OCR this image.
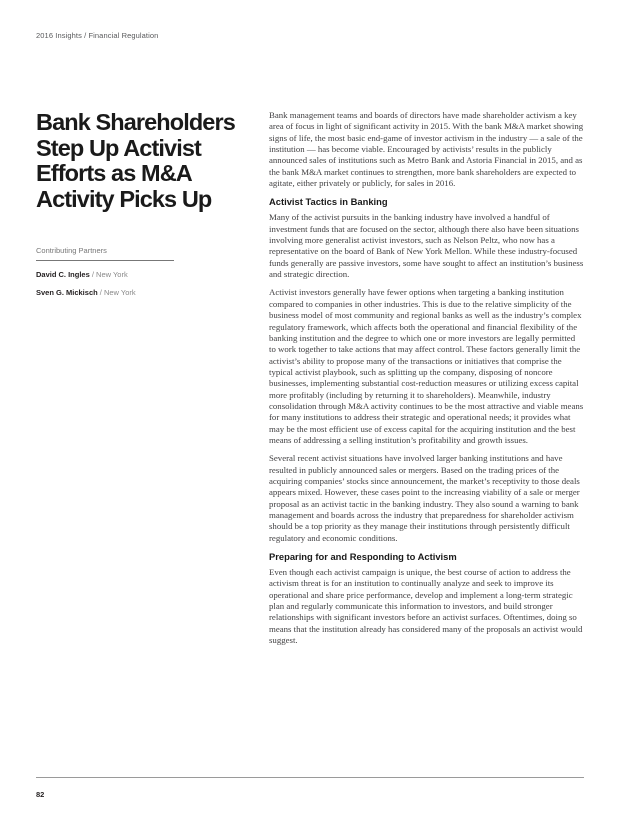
2016 Insights / Financial Regulation
Bank Shareholders Step Up Activist Efforts as M&A Activity Picks Up
Contributing Partners
David C. Ingles / New York
Sven G. Mickisch / New York

Bank management teams and boards of directors have made shareholder activism a key area of focus in light of significant activity in 2015. With the bank M&A market showing signs of life, the most basic end-game of investor activism in the industry — a sale of the institution — has become viable. Encouraged by activists’ results in the publicly announced sales of institutions such as Metro Bank and Astoria Financial in 2015, and as the bank M&A market continues to strengthen, more bank shareholders are expected to agitate, either privately or publicly, for sales in 2016.

Activist Tactics in Banking

Many of the activist pursuits in the banking industry have involved a handful of investment funds that are focused on the sector, although there also have been situations involving more generalist activist investors, such as Nelson Peltz, who now has a representative on the board of Bank of New York Mellon. While these industry-focused funds generally are passive investors, some have sought to affect an institution’s business and strategic direction.

Activist investors generally have fewer options when targeting a banking institution compared to companies in other industries. This is due to the relative simplicity of the business model of most community and regional banks as well as the industry’s complex regulatory framework, which affects both the operational and financial flexibility of the banking institution and the degree to which one or more investors are legally permitted to work together to take actions that may affect control. These factors generally limit the activist’s ability to propose many of the transactions or initiatives that comprise the typical activist playbook, such as splitting up the company, disposing of noncore businesses, implementing substantial cost-reduction measures or utilizing excess capital more profitably (including by returning it to shareholders). Meanwhile, industry consolidation through M&A activity continues to be the most attractive and viable means for many institutions to address their strategic and operational needs; it provides what may be the most efficient use of excess capital for the acquiring institution and the best means of addressing a selling institution’s profitability and growth issues.

Several recent activist situations have involved larger banking institutions and have resulted in publicly announced sales or mergers. Based on the trading prices of the acquiring companies’ stocks since announcement, the market’s receptivity to those deals appears mixed. However, these cases point to the increasing viability of a sale or merger proposal as an activist tactic in the banking industry. They also sound a warning to bank management and boards across the industry that preparedness for shareholder activism should be a top priority as they manage their institutions through persistently difficult regulatory and economic conditions.

Preparing for and Responding to Activism

Even though each activist campaign is unique, the best course of action to address the activism threat is for an institution to continually analyze and seek to improve its operational and share price performance, develop and implement a long-term strategic plan and regularly communicate this information to investors, and build stronger relationships with significant investors before an activist surfaces. Oftentimes, doing so means that the institution already has considered many of the proposals an activist would suggest.

82
